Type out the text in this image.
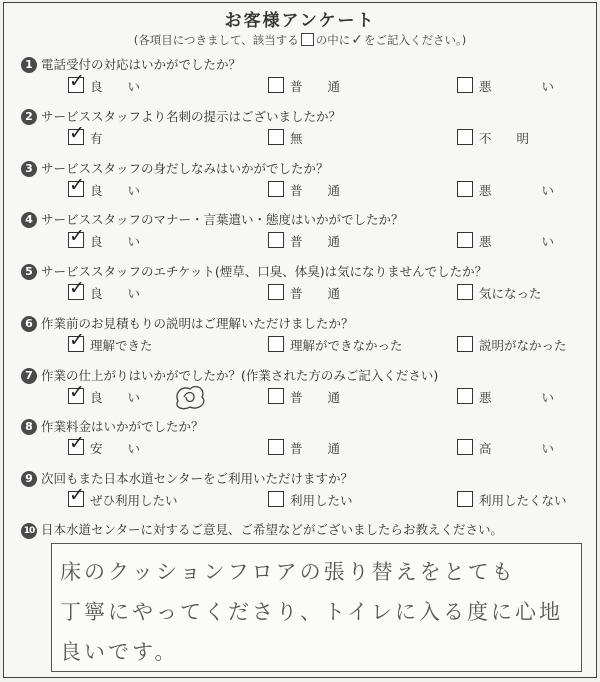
お客様アンケート
(各項目につきまして、該当する の中に✓をご記入ください。)
1 電話受付の対応はいかがでしたか？
✓ 良　　い	普　　通	悪　　　　い
2 サービススタッフより名刺の提示はございましたか？
✓ 有	無	不　　明
3 サービススタッフの身だしなみはいかがでしたか？
✓ 良　　い	普　　通	悪　　　　い
4 サービススタッフのマナー・言葉遣い・態度はいかがでしたか？
✓ 良　　い	普　　通	悪　　　　い
5 サービススタッフのエチケット(煙草、口臭、体臭)は気になりませんでしたか？
✓ 良　　い	普　　通	気になった
6 作業前のお見積もりの説明はご理解いただけましたか？
✓ 理解できた	理解ができなかった	説明がなかった
7 作業の仕上がりはいかがでしたか？(作業された方のみご記入ください)
✓ 良　　い	普　　通	悪　　　　い
8 作業料金はいかがでしたか？
✓ 安　　い	普　　通	高　　　　い
9 次回もまた日本水道センターをご利用いただけますか？
✓ ぜひ利用したい	利用したい	利用したくない
10 日本水道センターに対するご意見、ご希望などがございましたらお教えください。
床のクッションフロアの張り替えをとても
丁寧にやってくださり、トイレに入る度に心地
良いです。
